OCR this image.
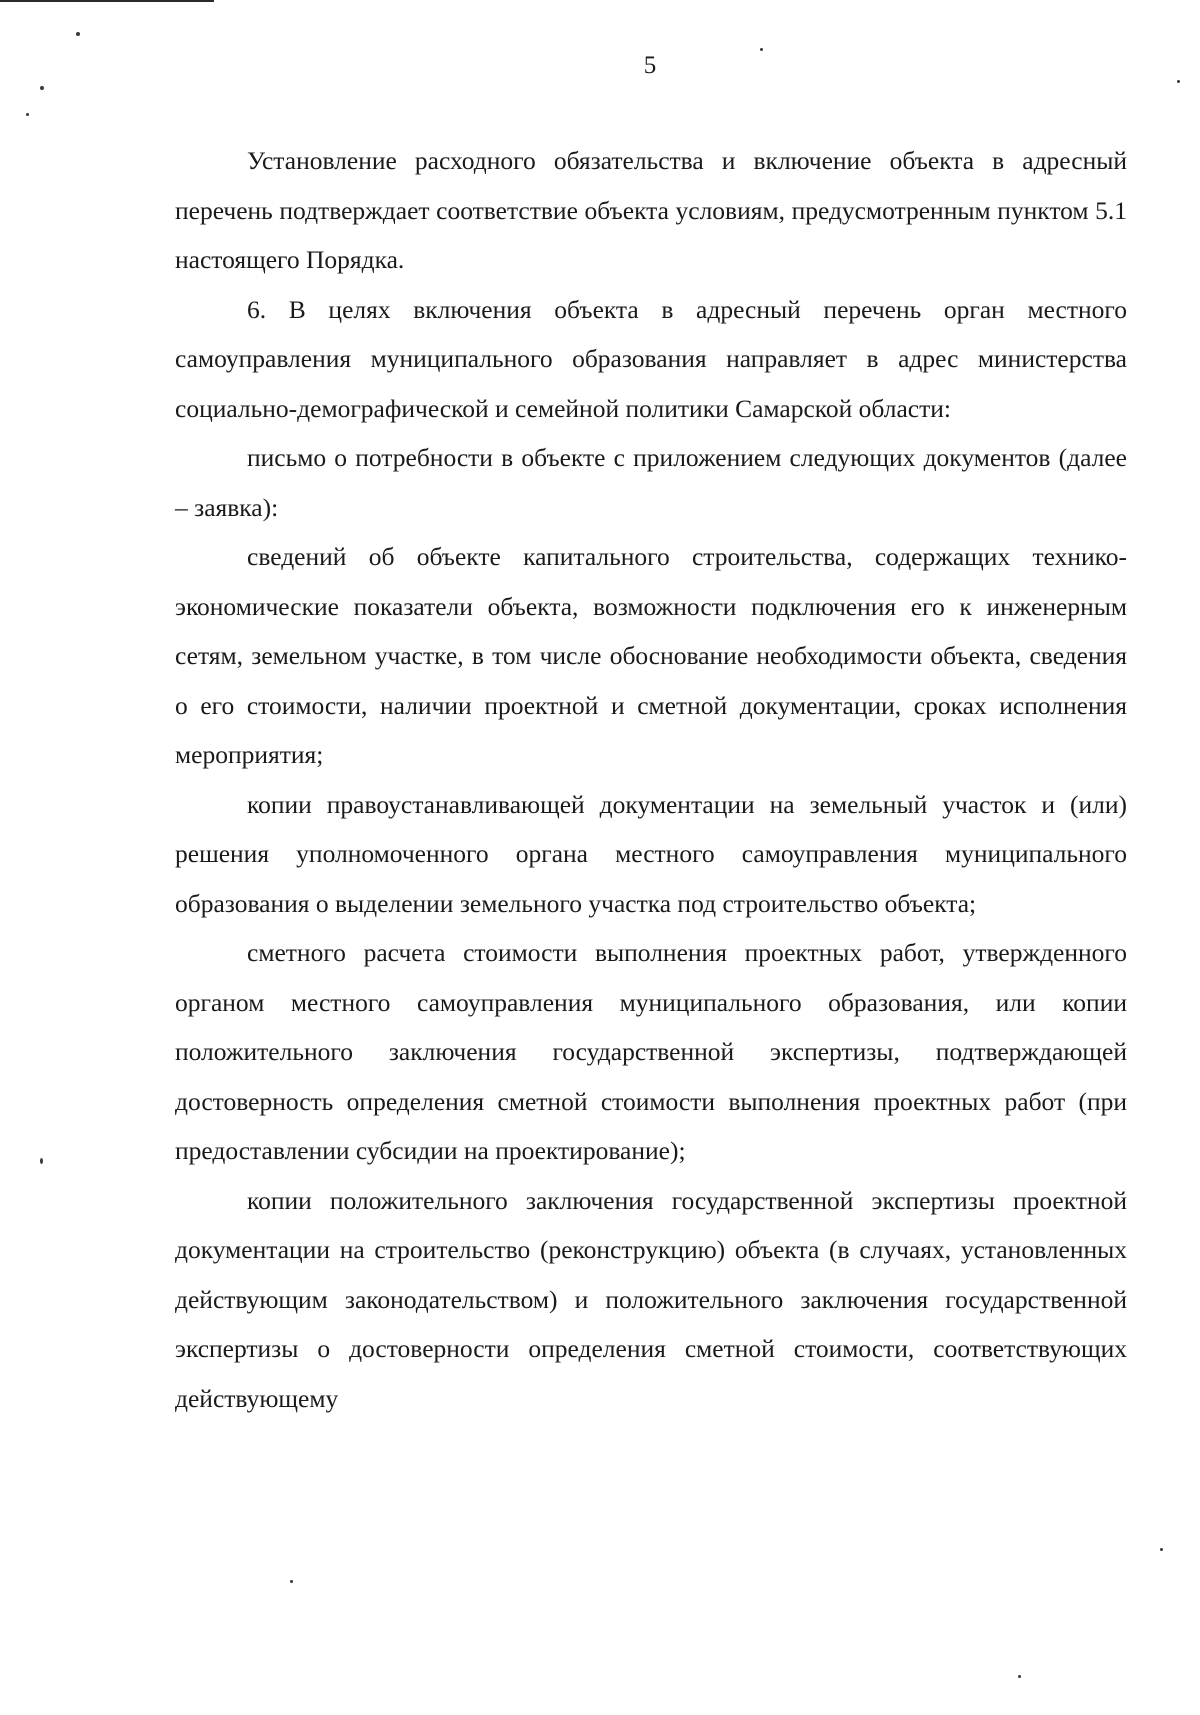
5

Установление расходного обязательства и включение объекта в адресный перечень подтверждает соответствие объекта условиям, предусмотренным пунктом 5.1 настоящего Порядка.

6. В целях включения объекта в адресный перечень орган местного самоуправления муниципального образования направляет в адрес министерства социально-демографической и семейной политики Самарской области:

письмо о потребности в объекте с приложением следующих документов (далее – заявка):

сведений об объекте капитального строительства, содержащих технико-экономические показатели объекта, возможности подключения его к инженерным сетям, земельном участке, в том числе обоснование необходимости объекта, сведения о его стоимости, наличии проектной и сметной документации, сроках исполнения мероприятия;

копии правоустанавливающей документации на земельный участок и (или) решения уполномоченного органа местного самоуправления муниципального образования о выделении земельного участка под строительство объекта;

сметного расчета стоимости выполнения проектных работ, утвержденного органом местного самоуправления муниципального образования, или копии положительного заключения государственной экспертизы, подтверждающей достоверность определения сметной стоимости выполнения проектных работ (при предоставлении субсидии на проектирование);

копии положительного заключения государственной экспертизы проектной документации на строительство (реконструкцию) объекта (в случаях, установленных действующим законодательством) и положительного заключения государственной экспертизы о достоверности определения сметной стоимости, соответствующих действующему
